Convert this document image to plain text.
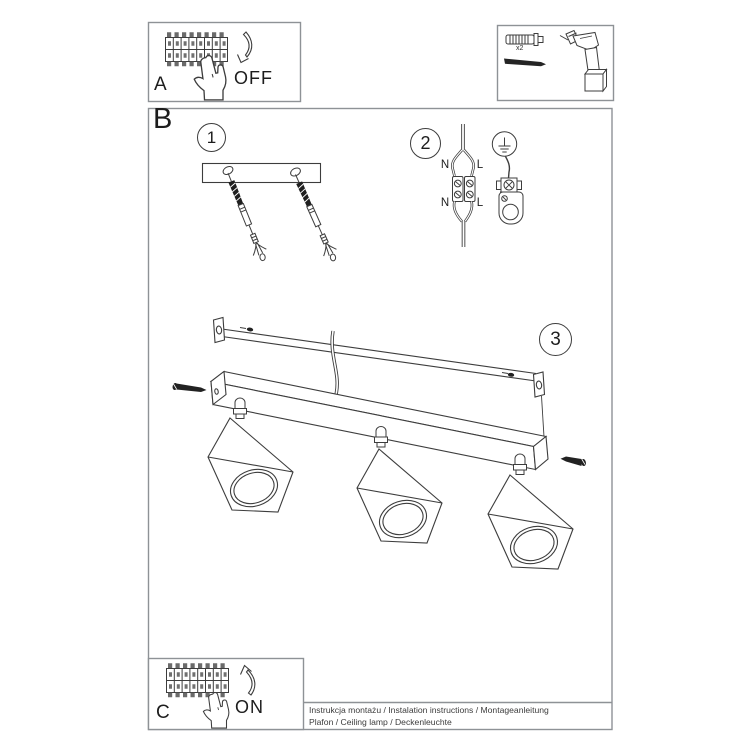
A	OFF
x2
B
1	2
3
N	L
N	L
C	ON	Instrukcja montażu / Instalation instructions / Montageanleitung
Plafon / Ceiling lamp / Deckenleuchte
